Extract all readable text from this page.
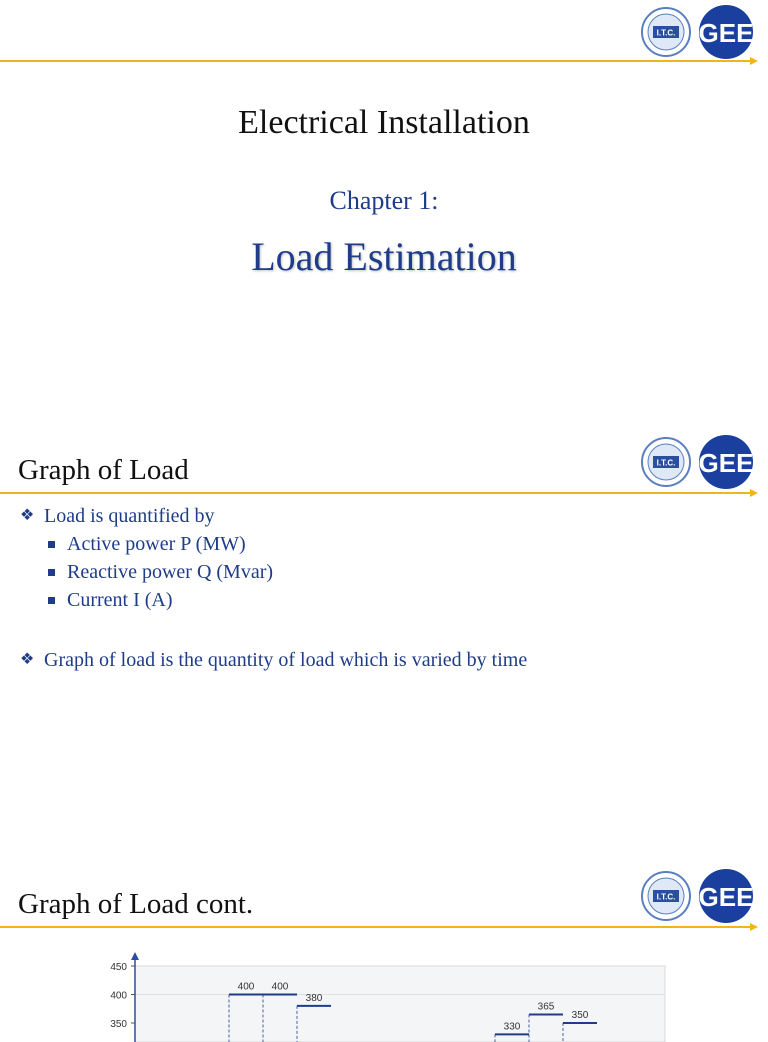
I.T.C. GEE
Electrical Installation
Chapter 1:
Load Estimation
Graph of Load	I.T.C. GEE
❖ Load is quantified by
Active power P (MW)
Reactive power Q (Mvar)
Current I (A)
❖ Graph of load is the quantity of load which is varied by time
Graph of Load cont.	I.T.C. GEE
450
400
350
400 400
380
330
365
350
